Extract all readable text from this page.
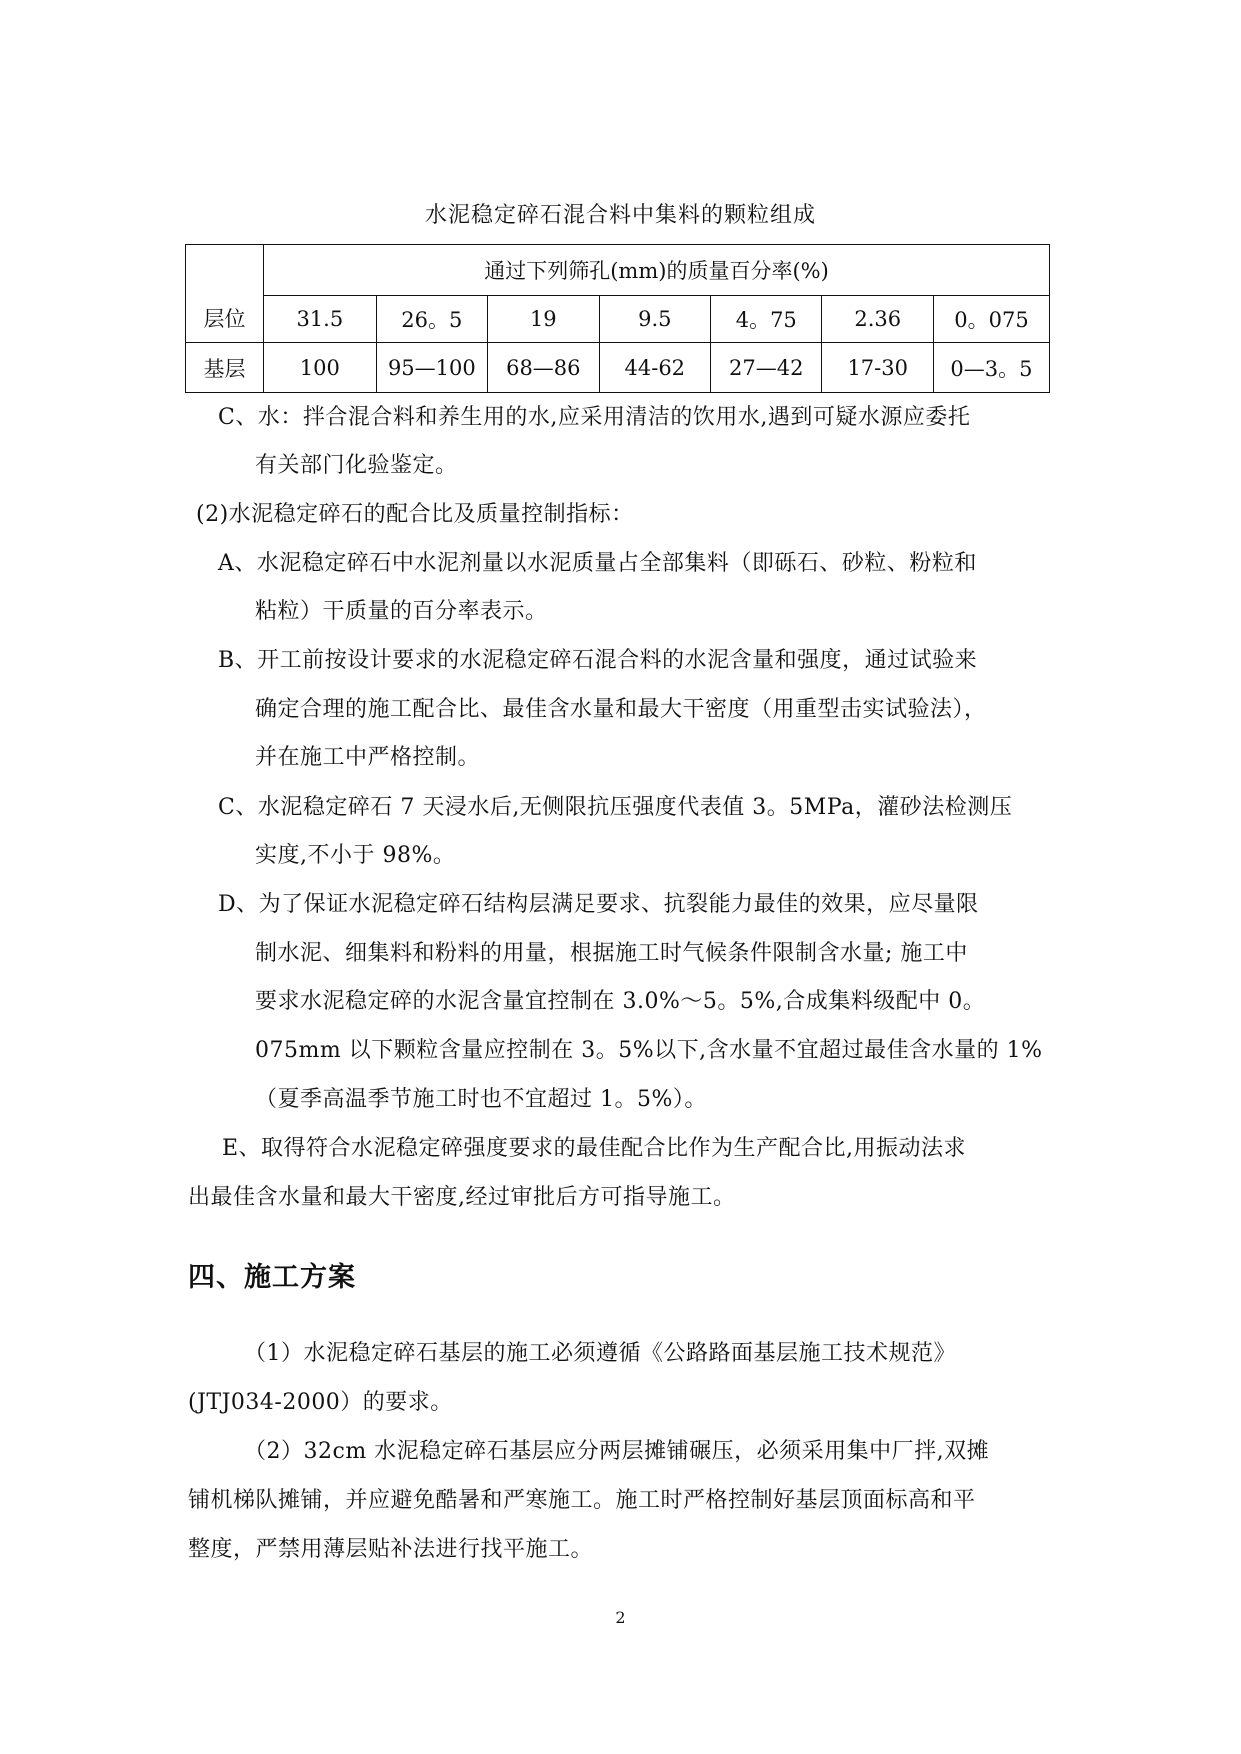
水泥稳定碎石混合料中集料的颗粒组成
层位	通过下列筛孔(mm)的质量百分率(%)						
	31.5	26。5	19	9.5	4。75	2.36	0。075
基层	100	95—100	68—86	44-62	27—42	17-30	0—3。5
C、水：拌合混合料和养生用的水,应采用清洁的饮用水,遇到可疑水源应委托
有关部门化验鉴定。
(2)水泥稳定碎石的配合比及质量控制指标：
A、水泥稳定碎石中水泥剂量以水泥质量占全部集料（即砾石、砂粒、粉粒和
粘粒）干质量的百分率表示。
B、开工前按设计要求的水泥稳定碎石混合料的水泥含量和强度，通过试验来
确定合理的施工配合比、最佳含水量和最大干密度（用重型击实试验法），
并在施工中严格控制。
C、水泥稳定碎石 7 天浸水后,无侧限抗压强度代表值 3。5MPa，灌砂法检测压
实度,不小于 98%。
D、为了保证水泥稳定碎石结构层满足要求、抗裂能力最佳的效果，应尽量限
制水泥、细集料和粉料的用量，根据施工时气候条件限制含水量; 施工中
要求水泥稳定碎的水泥含量宜控制在 3.0%～5。5%,合成集料级配中 0。
075mm 以下颗粒含量应控制在 3。5%以下,含水量不宜超过最佳含水量的 1%
（夏季高温季节施工时也不宜超过 1。5%）。
E、取得符合水泥稳定碎强度要求的最佳配合比作为生产配合比,用振动法求
出最佳含水量和最大干密度,经过审批后方可指导施工。
四、施工方案
（1）水泥稳定碎石基层的施工必须遵循《公路路面基层施工技术规范》
(JTJ034-2000）的要求。
（2）32cm 水泥稳定碎石基层应分两层摊铺碾压，必须采用集中厂拌,双摊
铺机梯队摊铺，并应避免酷暑和严寒施工。施工时严格控制好基层顶面标高和平
整度，严禁用薄层贴补法进行找平施工。
2
